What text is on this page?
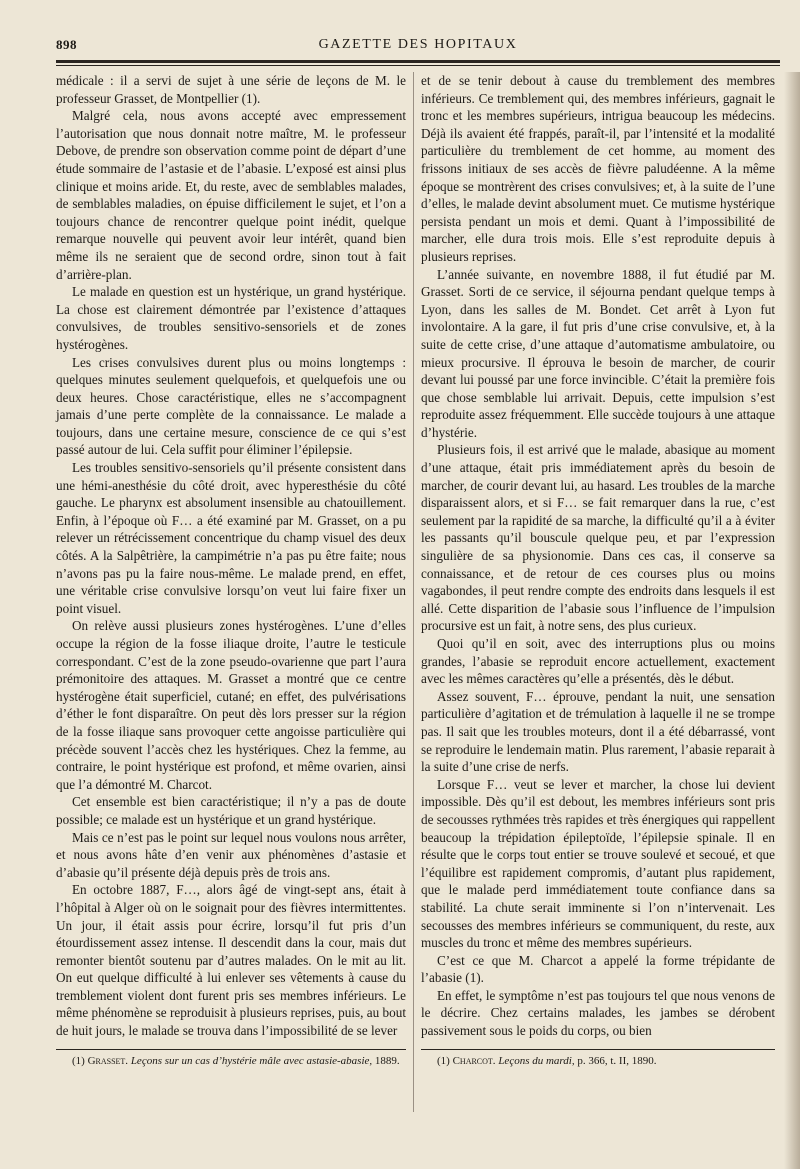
898	GAZETTE DES HOPITAUX

médicale : il a servi de sujet à une série de leçons de M. le professeur Grasset, de Montpellier (1).

Malgré cela, nous avons accepté avec empressement l’autorisation que nous donnait notre maître, M. le professeur Debove, de prendre son observation comme point de départ d’une étude sommaire de l’astasie et de l’abasie. L’exposé est ainsi plus clinique et moins aride. Et, du reste, avec de semblables malades, de semblables maladies, on épuise difficilement le sujet, et l’on a toujours chance de rencontrer quelque point inédit, quelque remarque nouvelle qui peuvent avoir leur intérêt, quand bien même ils ne seraient que de second ordre, sinon tout à fait d’arrière-plan.

Le malade en question est un hystérique, un grand hystérique. La chose est clairement démontrée par l’existence d’attaques convulsives, de troubles sensitivo-sensoriels et de zones hystérogènes.

Les crises convulsives durent plus ou moins longtemps : quelques minutes seulement quelquefois, et quelquefois une ou deux heures. Chose caractéristique, elles ne s’accompagnent jamais d’une perte complète de la connaissance. Le malade a toujours, dans une certaine mesure, conscience de ce qui s’est passé autour de lui. Cela suffit pour éliminer l’épilepsie.

Les troubles sensitivo-sensoriels qu’il présente consistent dans une hémi-anesthésie du côté droit, avec hyperesthésie du côté gauche. Le pharynx est absolument insensible au chatouillement. Enfin, à l’époque où F… a été examiné par M. Grasset, on a pu relever un rétrécissement concentrique du champ visuel des deux côtés. A la Salpêtrière, la campimétrie n’a pas pu être faite; nous n’avons pas pu la faire nous-même. Le malade prend, en effet, une véritable crise convulsive lorsqu’on veut lui faire fixer un point visuel.

On relève aussi plusieurs zones hystérogènes. L’une d’elles occupe la région de la fosse iliaque droite, l’autre le testicule correspondant. C’est de la zone pseudo-ovarienne que part l’aura prémonitoire des attaques. M. Grasset a montré que ce centre hystérogène était superficiel, cutané; en effet, des pulvérisations d’éther le font disparaître. On peut dès lors presser sur la région de la fosse iliaque sans provoquer cette angoisse particulière qui précède souvent l’accès chez les hystériques. Chez la femme, au contraire, le point hystérique est profond, et même ovarien, ainsi que l’a démontré M. Charcot.

Cet ensemble est bien caractéristique; il n’y a pas de doute possible; ce malade est un hystérique et un grand hystérique.

Mais ce n’est pas le point sur lequel nous voulons nous arrêter, et nous avons hâte d’en venir aux phénomènes d’astasie et d’abasie qu’il présente déjà depuis près de trois ans.

En octobre 1887, F…, alors âgé de vingt-sept ans, était à l’hôpital à Alger où on le soignait pour des fièvres intermittentes. Un jour, il était assis pour écrire, lorsqu’il fut pris d’un étourdissement assez intense. Il descendit dans la cour, mais dut remonter bientôt soutenu par d’autres malades. On le mit au lit. On eut quelque difficulté à lui enlever ses vêtements à cause du tremblement violent dont furent pris ses membres inférieurs. Le même phénomène se reproduisit à plusieurs reprises, puis, au bout de huit jours, le malade se trouva dans l’impossibilité de se lever

(1) Grasset. Leçons sur un cas d’hystérie mâle avec astasie-abasie, 1889.

et de se tenir debout à cause du tremblement des membres inférieurs. Ce tremblement qui, des membres inférieurs, gagnait le tronc et les membres supérieurs, intrigua beaucoup les médecins. Déjà ils avaient été frappés, paraît-il, par l’intensité et la modalité particulière du tremblement de cet homme, au moment des frissons initiaux de ses accès de fièvre paludéenne. A la même époque se montrèrent des crises convulsives; et, à la suite de l’une d’elles, le malade devint absolument muet. Ce mutisme hystérique persista pendant un mois et demi. Quant à l’impossibilité de marcher, elle dura trois mois. Elle s’est reproduite depuis à plusieurs reprises.

L’année suivante, en novembre 1888, il fut étudié par M. Grasset. Sorti de ce service, il séjourna pendant quelque temps à Lyon, dans les salles de M. Bondet. Cet arrêt à Lyon fut involontaire. A la gare, il fut pris d’une crise convulsive, et, à la suite de cette crise, d’une attaque d’automatisme ambulatoire, ou mieux procursive. Il éprouva le besoin de marcher, de courir devant lui poussé par une force invincible. C’était la première fois que chose semblable lui arrivait. Depuis, cette impulsion s’est reproduite assez fréquemment. Elle succède toujours à une attaque d’hystérie.

Plusieurs fois, il est arrivé que le malade, abasique au moment d’une attaque, était pris immédiatement après du besoin de marcher, de courir devant lui, au hasard. Les troubles de la marche disparaissent alors, et si F… se fait remarquer dans la rue, c’est seulement par la rapidité de sa marche, la difficulté qu’il a à éviter les passants qu’il bouscule quelque peu, et par l’expression singulière de sa physionomie. Dans ces cas, il conserve sa connaissance, et de retour de ces courses plus ou moins vagabondes, il peut rendre compte des endroits dans lesquels il est allé. Cette disparition de l’abasie sous l’influence de l’impulsion procursive est un fait, à notre sens, des plus curieux.

Quoi qu’il en soit, avec des interruptions plus ou moins grandes, l’abasie se reproduit encore actuellement, exactement avec les mêmes caractères qu’elle a présentés, dès le début.

Assez souvent, F… éprouve, pendant la nuit, une sensation particulière d’agitation et de trémulation à laquelle il ne se trompe pas. Il sait que les troubles moteurs, dont il a été débarrassé, vont se reproduire le lendemain matin. Plus rarement, l’abasie reparait à la suite d’une crise de nerfs.

Lorsque F… veut se lever et marcher, la chose lui devient impossible. Dès qu’il est debout, les membres inférieurs sont pris de secousses rythmées très rapides et très énergiques qui rappellent beaucoup la trépidation épileptoïde, l’épilepsie spinale. Il en résulte que le corps tout entier se trouve soulevé et secoué, et que l’équilibre est rapidement compromis, d’autant plus rapidement, que le malade perd immédiatement toute confiance dans sa stabilité. La chute serait imminente si l’on n’intervenait. Les secousses des membres inférieurs se communiquent, du reste, aux muscles du tronc et même des membres supérieurs.

C’est ce que M. Charcot a appelé la forme trépidante de l’abasie (1).

En effet, le symptôme n’est pas toujours tel que nous venons de le décrire. Chez certains malades, les jambes se dérobent passivement sous le poids du corps, ou bien

(1) Charcot. Leçons du mardi, p. 366, t. II, 1890.
